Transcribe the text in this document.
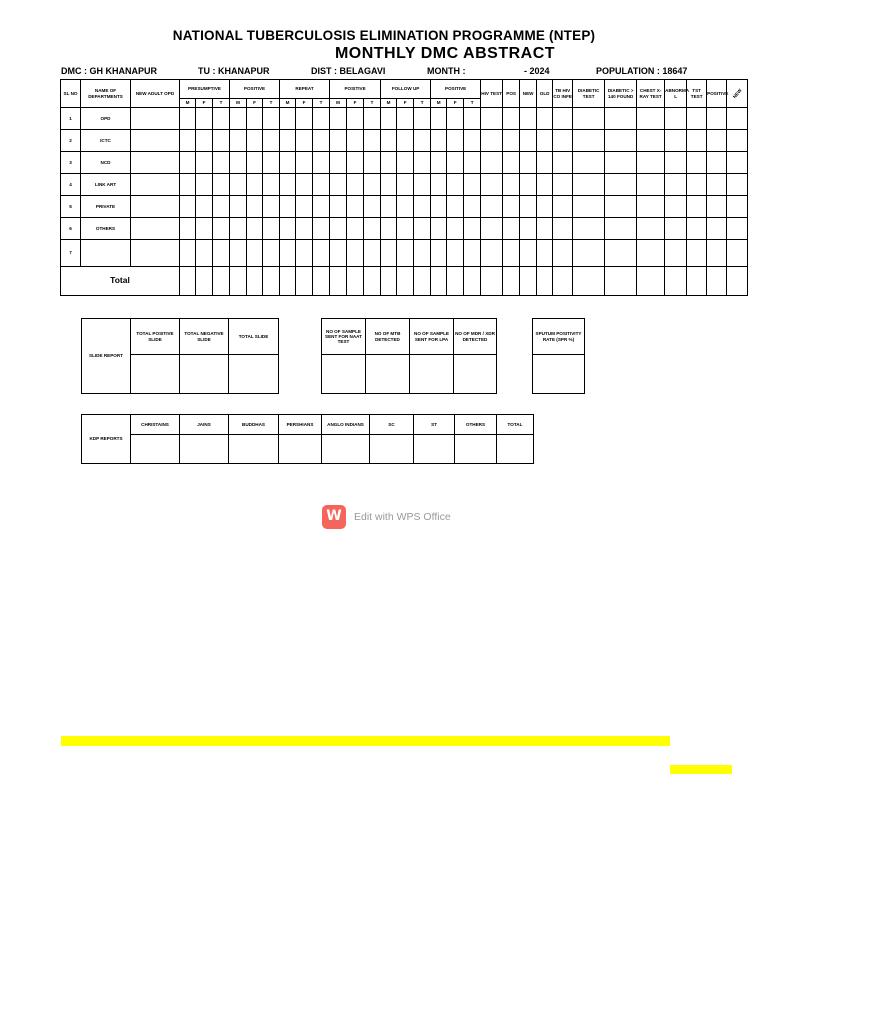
NATIONAL TUBERCULOSIS ELIMINATION PROGRAMME (NTEP)
MONTHLY DMC ABSTRACT
DMC : GH KHANAPUR	TU : KHANAPUR	DIST : BELAGAVI	MONTH :	- 2024	POPULATION : 18647
SL NO	NAME OF DEPARTMENTS	NEW ADULT OPD	PRESUMPTIVE			POSITIVE			REPEAT			POSITIVE			FOLLOW UP			POSITIVE			HIV TEST	POS	NEW	OLD	TB HIV CO INFE	DIABETIC TEST	DIABETIC > 140 FOUND	CHEST X-RAY TEST	ABNORMA L	TST TEST	POSITIVE	NEW
			M	F	T	M	F	T	M	F	T	M	F	T	M	F	T	M	F	T												
1	OPD																															
2	ICTC																															
3	NCD																															
4	LINK ART																															
5	PRIVATE																															
6	OTHERS																															
7																																
Total																																
SLIDE REPORT	TOTAL POSITIVE SLIDE	TOTAL NEGATIVE SLIDE	TOTAL SLIDE

NO OF SAMPLE SENT FOR NAAT TEST	NO OF MTB DETECTED	NO OF SAMPLE SENT FOR LPA	NO OF MDR / XDR DETECTED

SPUTUM POSITIVITY RATE (SPR %)

KDP REPORTS	CHRISTAINS	JAINS	BUDDHAS	PERSHIANS	ANGLO INDIANS	SC	ST	OTHERS	TOTAL

W	Edit with WPS Office
